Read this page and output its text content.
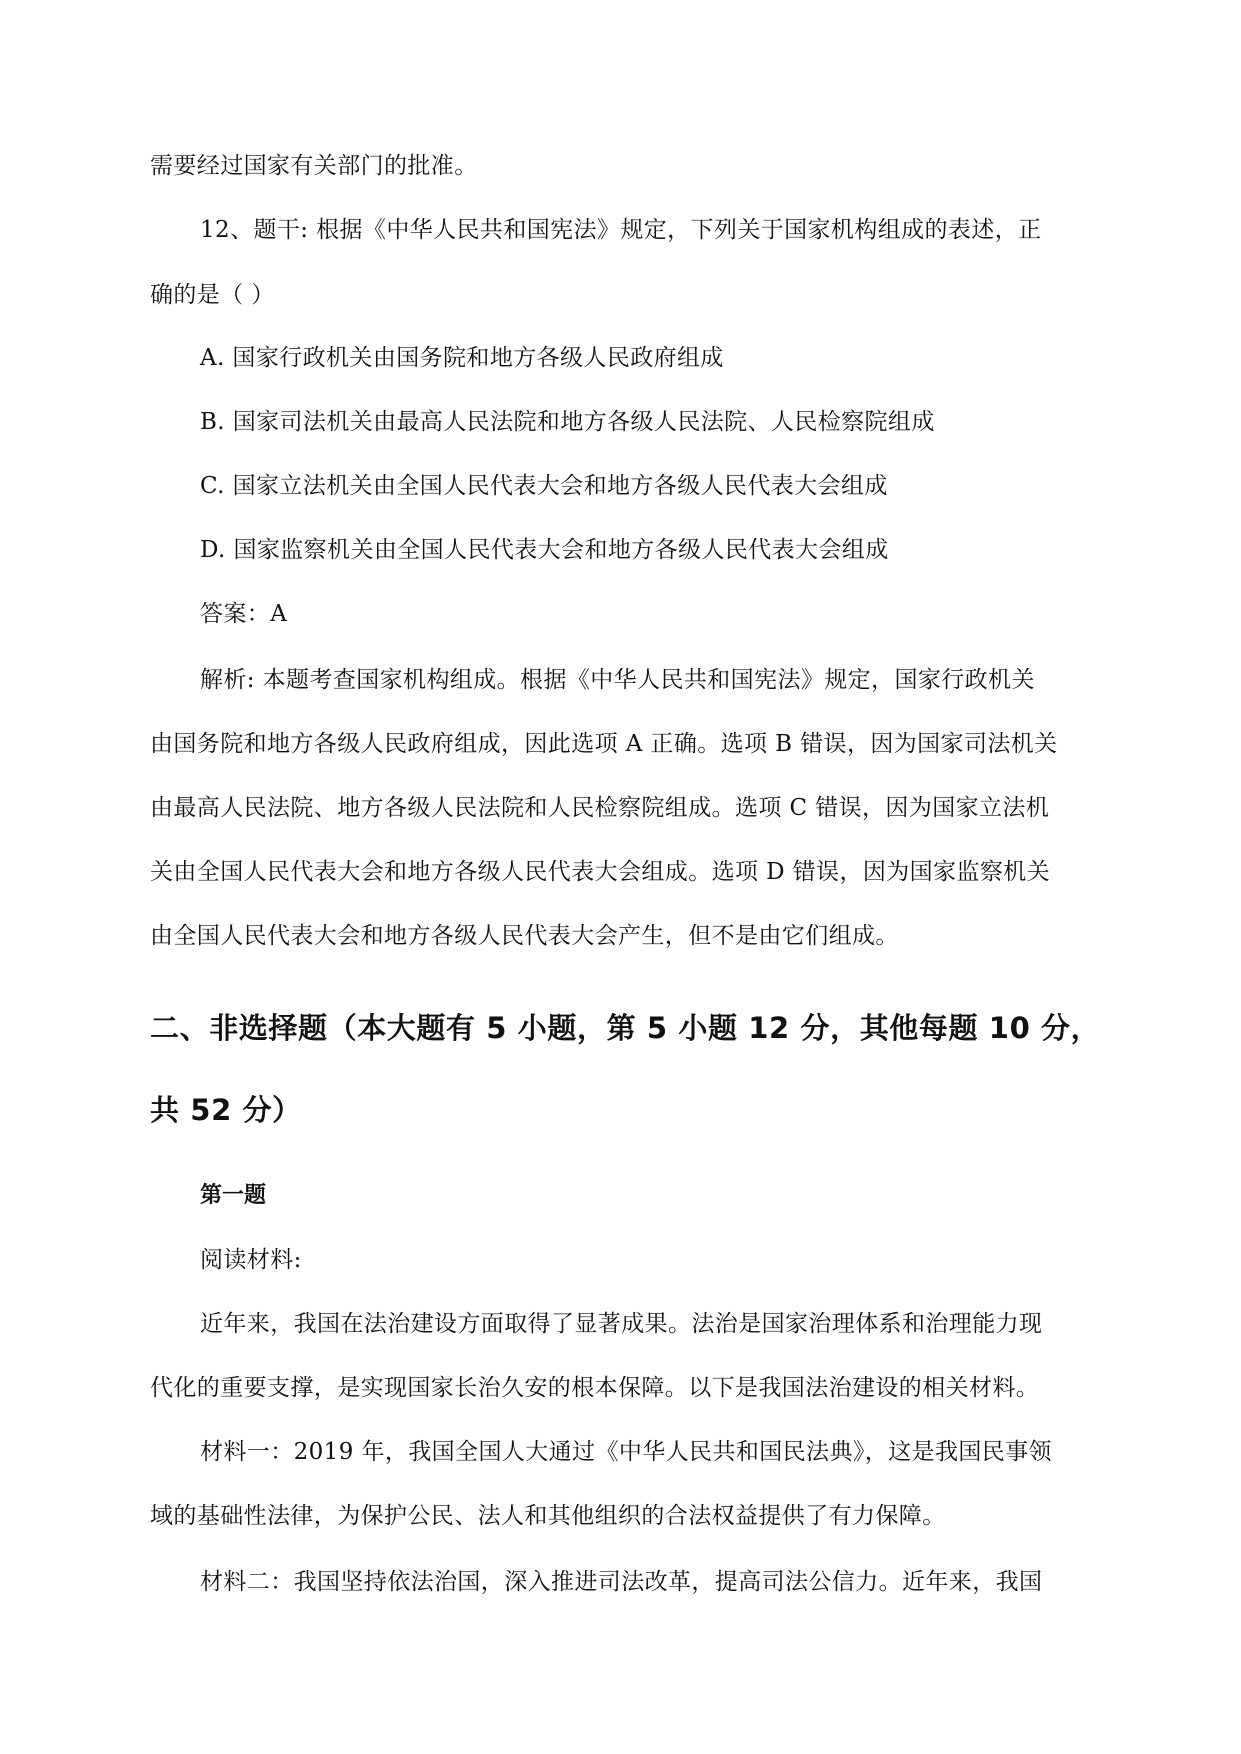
需要经过国家有关部门的批准。
12、题干: 根据《中华人民共和国宪法》规定，下列关于国家机构组成的表述，正
确的是（ ）
A. 国家行政机关由国务院和地方各级人民政府组成
B. 国家司法机关由最高人民法院和地方各级人民法院、人民检察院组成
C. 国家立法机关由全国人民代表大会和地方各级人民代表大会组成
D. 国家监察机关由全国人民代表大会和地方各级人民代表大会组成
答案：A
解析: 本题考查国家机构组成。根据《中华人民共和国宪法》规定，国家行政机关
由国务院和地方各级人民政府组成，因此选项 A 正确。选项 B 错误，因为国家司法机关
由最高人民法院、地方各级人民法院和人民检察院组成。选项 C 错误，因为国家立法机
关由全国人民代表大会和地方各级人民代表大会组成。选项 D 错误，因为国家监察机关
由全国人民代表大会和地方各级人民代表大会产生，但不是由它们组成。
二、非选择题（本大题有 5 小题，第 5 小题 12 分，其他每题 10 分，
共 52 分）
第一题
阅读材料:
近年来，我国在法治建设方面取得了显著成果。法治是国家治理体系和治理能力现
代化的重要支撑，是实现国家长治久安的根本保障。以下是我国法治建设的相关材料。
材料一：2019 年，我国全国人大通过《中华人民共和国民法典》，这是我国民事领
域的基础性法律，为保护公民、法人和其他组织的合法权益提供了有力保障。
材料二：我国坚持依法治国，深入推进司法改革，提高司法公信力。近年来，我国
